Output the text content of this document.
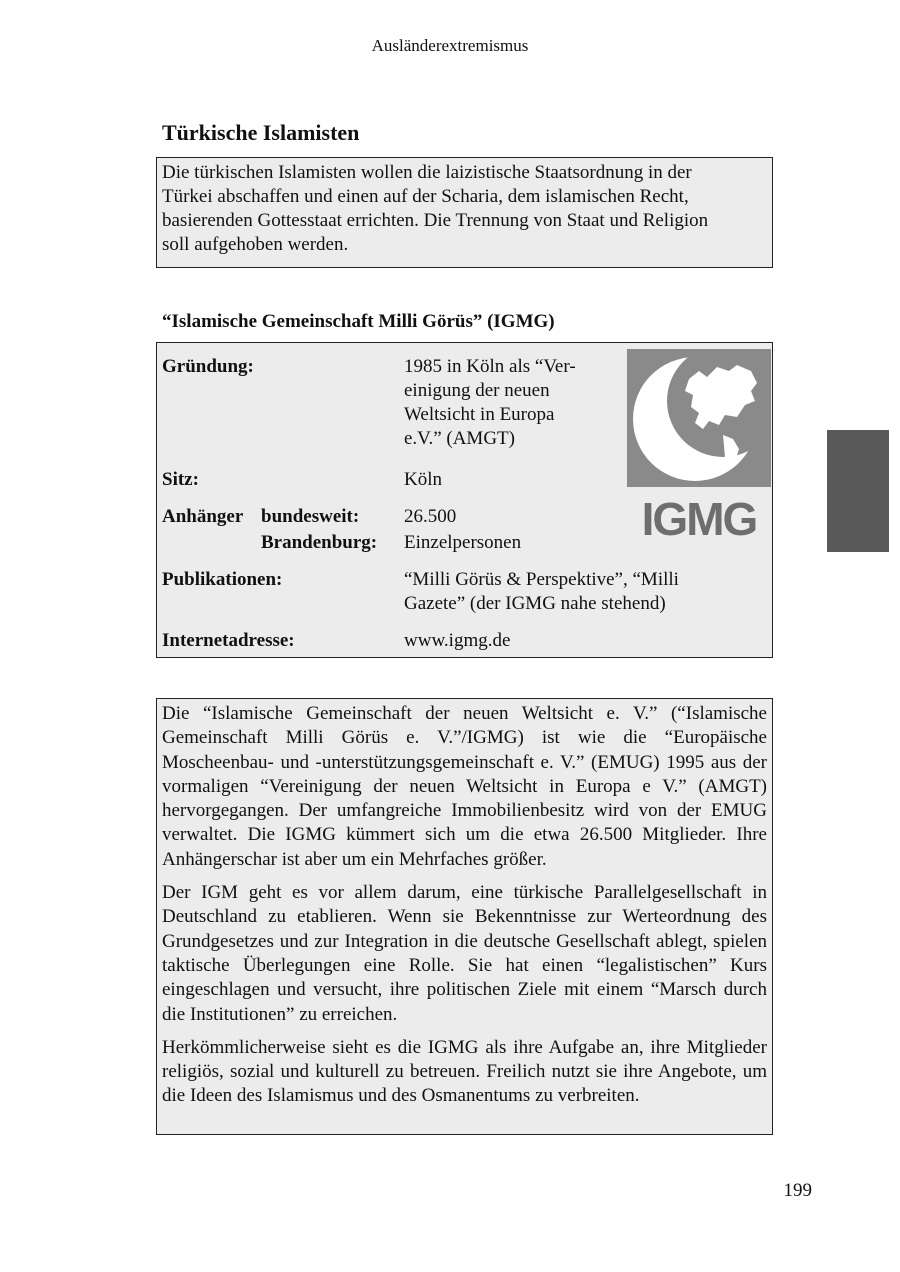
Ausländerextremismus
Türkische Islamisten
Die türkischen Islamisten wollen die laizistische Staatsordnung in der
Türkei abschaffen und einen auf der Scharia, dem islamischen Recht,
basierenden Gottesstaat errichten. Die Trennung von Staat und Religion
soll aufgehoben werden.
“Islamische Gemeinschaft Milli Görüs” (IGMG)
Gründung:	1985 in Köln als “Ver-
einigung der neuen
Weltsicht in Europa
e.V.” (AMGT)
Sitz:	Köln
Anhänger bundesweit: 26.500
Brandenburg: Einzelpersonen
Publikationen:	“Milli Görüs & Perspektive”, “Milli
Gazete” (der IGMG nahe stehend)
Internetadresse:	www.igmg.de
IGMG

Die “Islamische Gemeinschaft der neuen Weltsicht e. V.” (“Islamische Gemeinschaft Milli Görüs e. V.”/IGMG) ist wie die “Europäische Moscheenbau- und -unterstützungsgemeinschaft e. V.” (EMUG) 1995 aus der vormaligen “Vereinigung der neuen Weltsicht in Europa e V.” (AMGT) hervorgegangen. Der umfangreiche Immobilienbesitz wird von der EMUG verwaltet. Die IGMG kümmert sich um die etwa 26.500 Mitglieder. Ihre Anhängerschar ist aber um ein Mehrfaches größer.

Der IGM geht es vor allem darum, eine türkische Parallelgesellschaft in Deutschland zu etablieren. Wenn sie Bekenntnisse zur Werteordnung des Grundgesetzes und zur Integration in die deutsche Gesellschaft ablegt, spielen taktische Überlegungen eine Rolle. Sie hat einen “legalistischen” Kurs eingeschlagen und versucht, ihre politischen Ziele mit einem “Marsch durch die Institutionen” zu erreichen.

Herkömmlicherweise sieht es die IGMG als ihre Aufgabe an, ihre Mitglieder religiös, sozial und kulturell zu betreuen. Freilich nutzt sie ihre Angebote, um die Ideen des Islamismus und des Osmanentums zu verbreiten.

199
